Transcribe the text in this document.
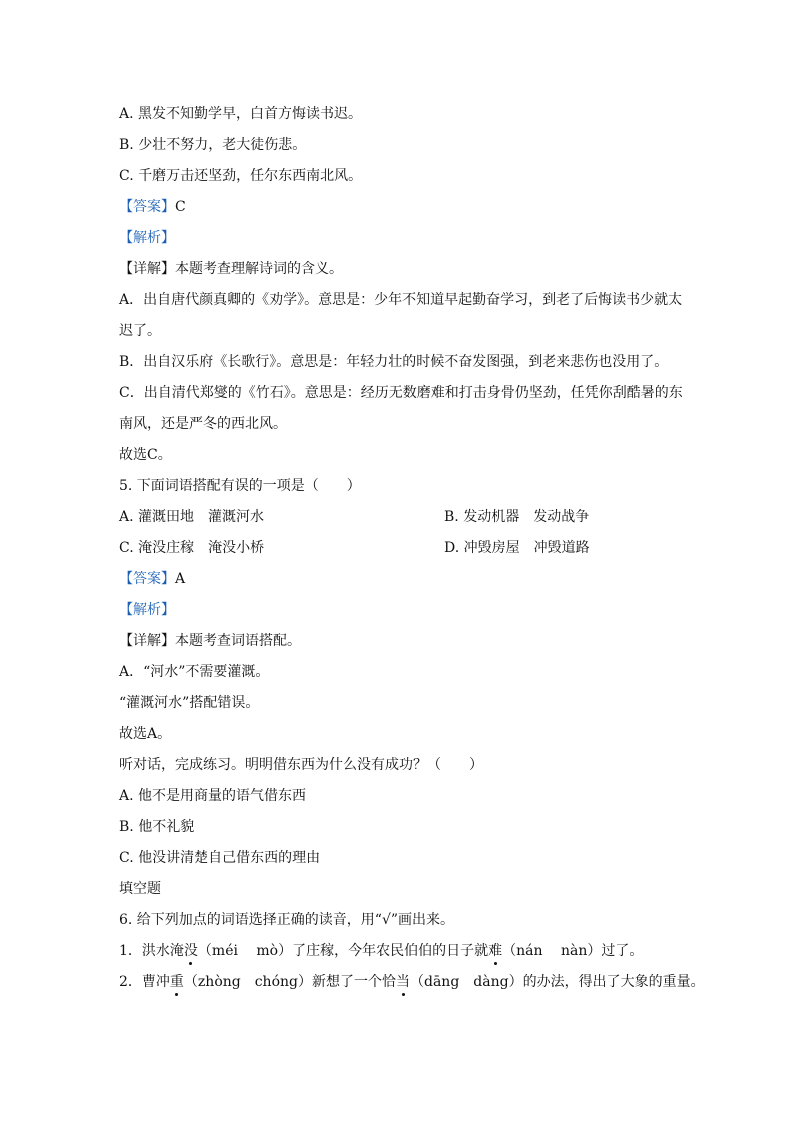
A. 黑发不知勤学早，白首方悔读书迟。
B. 少壮不努力，老大徒伤悲。
C. 千磨万击还坚劲，任尔东西南北风。
【答案】C
【解析】
【详解】本题考查理解诗词的含义。
A．出自唐代颜真卿的《劝学》。意思是：少年不知道早起勤奋学习，到老了后悔读书少就太
迟了。
B．出自汉乐府《长歌行》。意思是：年轻力壮的时候不奋发图强，到老来悲伤也没用了。
C．出自清代郑燮的《竹石》。意思是：经历无数磨难和打击身骨仍坚劲，任凭你刮酷暑的东
南风，还是严冬的西北风。
故选C。
5. 下面词语搭配有误的一项是（　　）
A. 灌溉田地　灌溉河水	B. 发动机器　发动战争
C. 淹没庄稼　淹没小桥	D. 冲毁房屋　冲毁道路
【答案】A
【解析】
【详解】本题考查词语搭配。
A．“河水”不需要灌溉。
“灌溉河水”搭配错误。
故选A。
听对话，完成练习。明明借东西为什么没有成功？（　　）
A. 他不是用商量的语气借东西
B. 他不礼貌
C. 他没讲清楚自己借东西的理由
填空题
6. 给下列加点的词语选择正确的读音，用“√”画出来。
1．洪水淹没（méi　 mò）了庄稼，今年农民伯伯的日子就难（nán　 nàn）过了。
2．曹冲重（zhòng　chóng）新想了一个恰当（dāng　dàng）的办法，得出了大象的重量。
